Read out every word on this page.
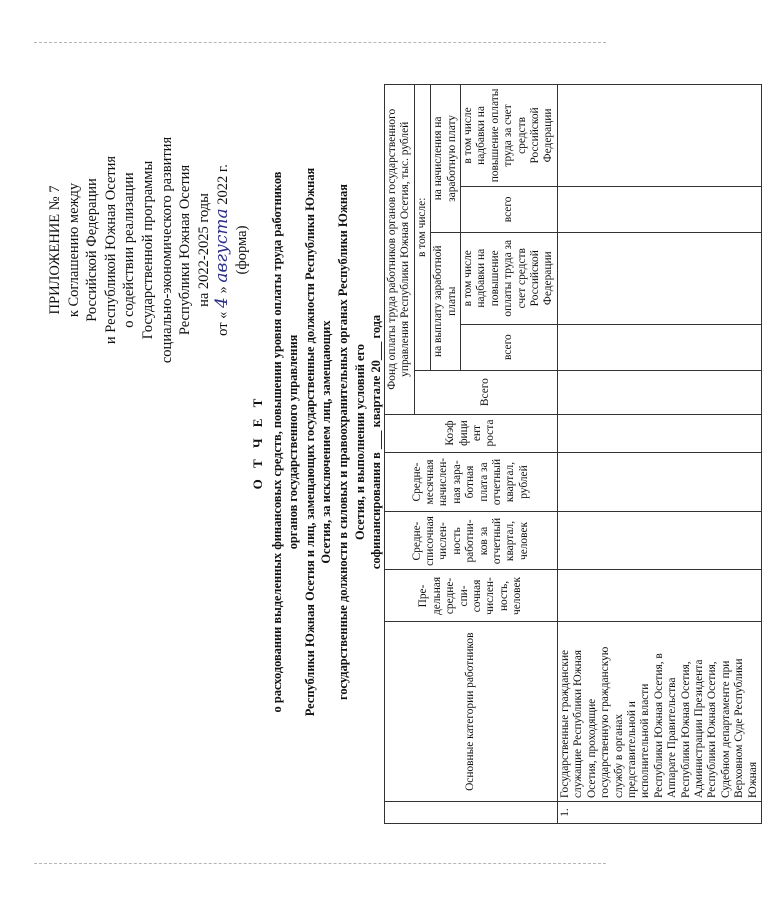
ПРИЛОЖЕНИЕ № 7 к Соглашению между Российской Федерации и Республикой Южная Осетия о содействии реализации Государственной программы социально-экономического развития Республики Южная Осетия на 2022-2025 годы
от « 4 » августа 2022 г.
(форма)
О Т Ч Е Т о расходовании выделенных финансовых средств, повышении уровня оплаты труда работников органов государственного управления Республики Южная Осетия и лиц, замещающих государственные должности Республики Южная Осетия, за исключением лиц, замещающих государственные должности в силовых и правоохранительных органах Республики Южная Осетия, и выполнении условий его софинансирования в ___ квартале 20___ года
	Основные категории работников	Пре-дельная средне-спи-сочная числен-ность, человек	Средне-списочная числен-ность работни-ков за отчетный квартал, человек	Средне-месячная начислен-ная зара-ботная плата за отчетный квартал, рублей	Коэф фици ент роста	Фонд оплаты труда работников органов государственного управления Республики Южная Осетия, тыс. рублей				
						Всего	в том числе:			
							на выплату заработной платы		на начисления на заработную плату	
							всего	в том числе надбавки на повышение оплаты труда за счет средств Российской Федерации	всего	в том числе надбавки на повышение оплаты труда за счет средств Российской Федерации
1.	Государственные гражданские служащие Республики Южная Осетия, проходящие государственную гражданскую службу в органах представительной и исполнительной власти Республики Южная Осетия, в Аппарате Правительства Республики Южная Осетия, Администрации Президента Республики Южная Осетия, Судебном департаменте при Верховном Суде Республики Южная									
